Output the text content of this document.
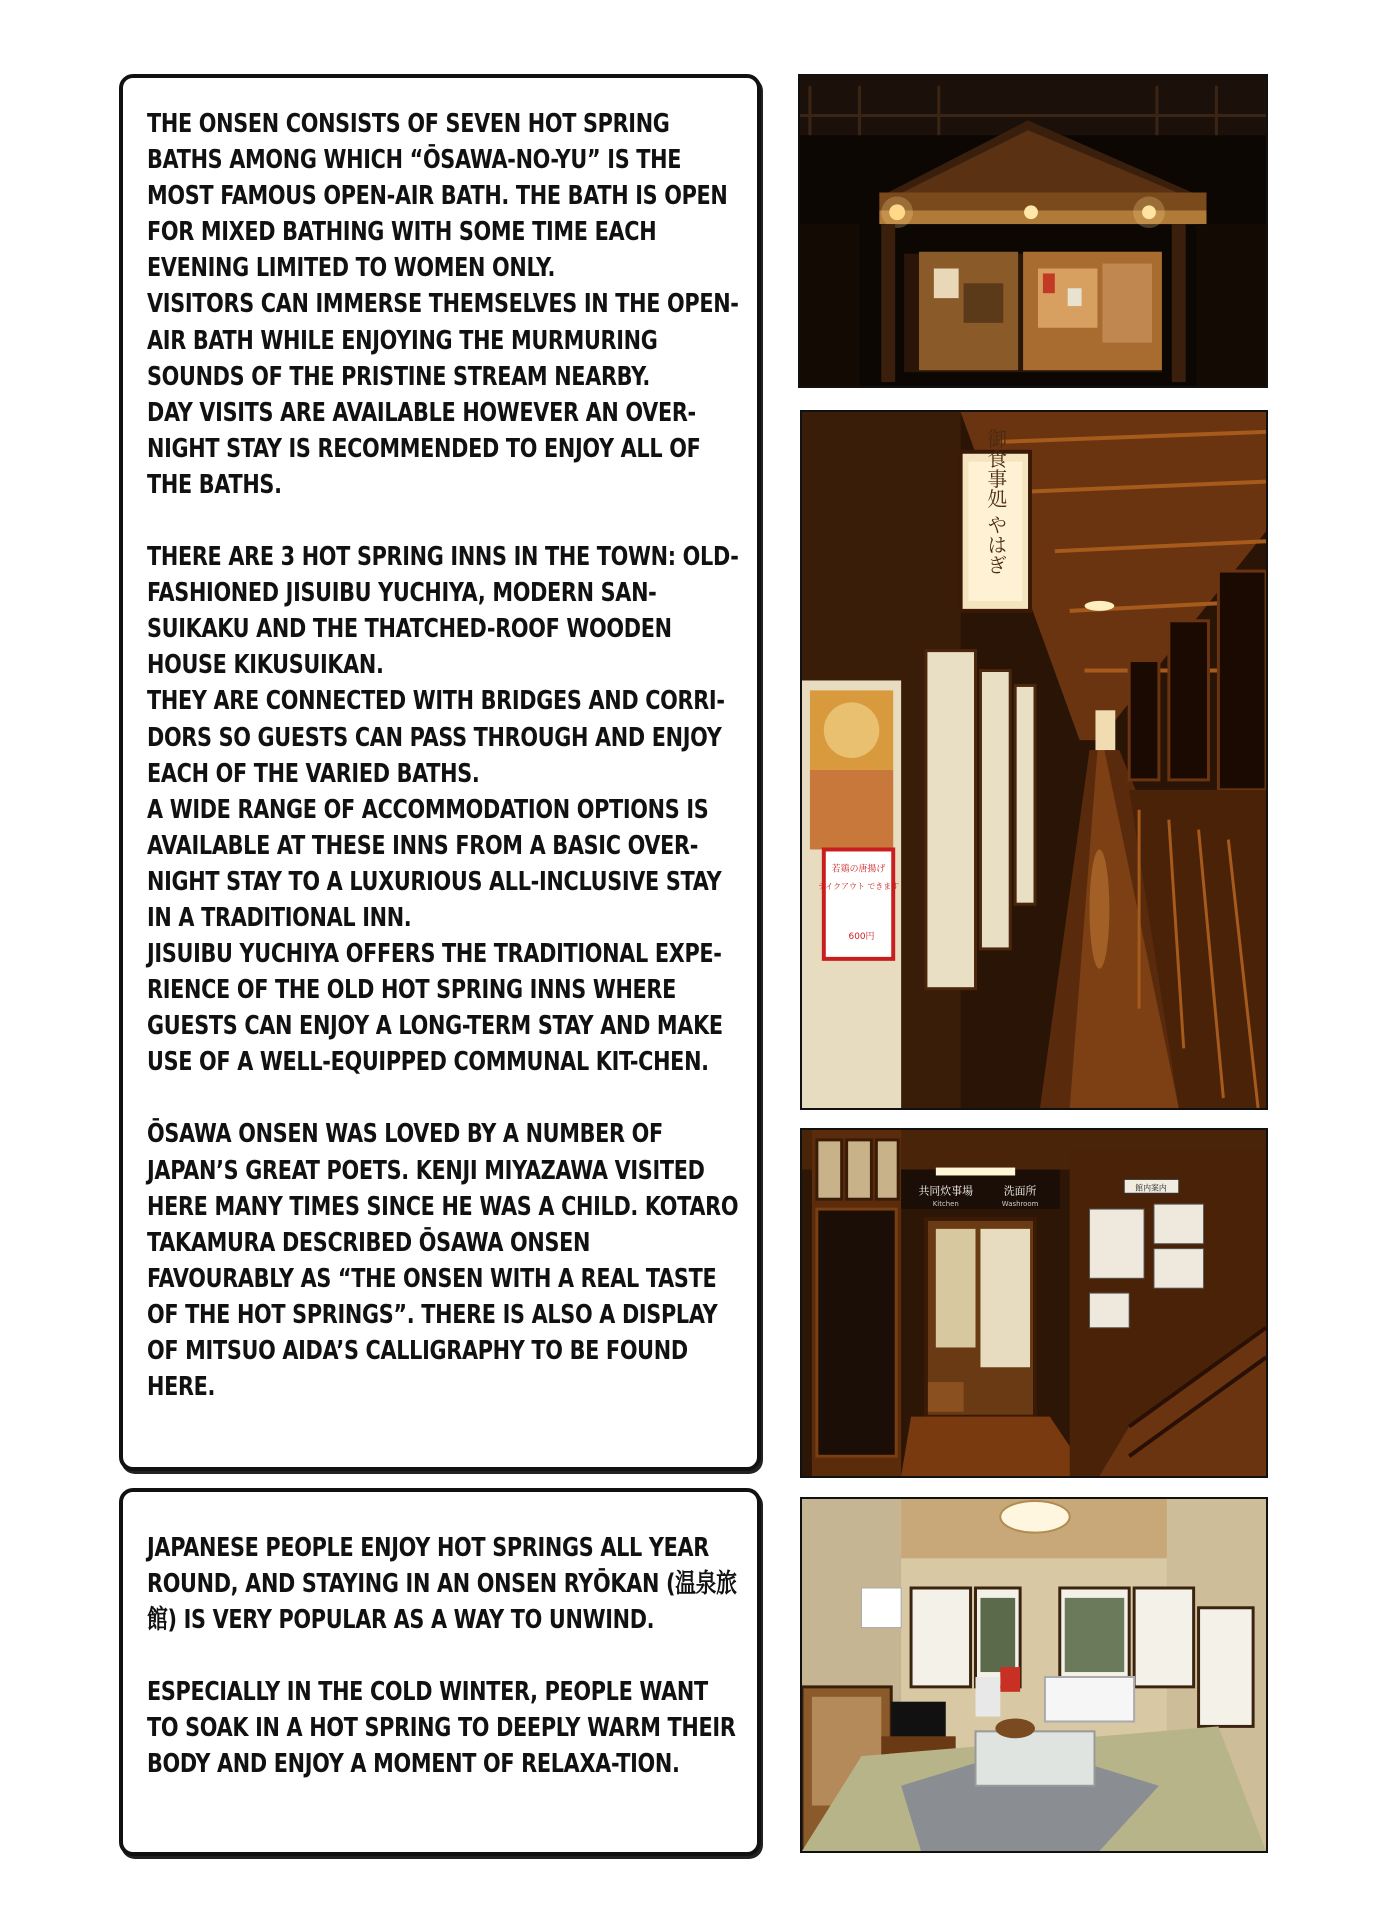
THE ONSEN CONSISTS OF SEVEN HOT SPRING BATHS AMONG WHICH “ŌSAWA-NO-YU” IS THE MOST FAMOUS OPEN-AIR BATH. THE BATH IS OPEN FOR MIXED BATHING WITH SOME TIME EACH EVENING LIMITED TO WOMEN ONLY.
VISITORS CAN IMMERSE THEMSELVES IN THE OPEN-AIR BATH WHILE ENJOYING THE MURMURING SOUNDS OF THE PRISTINE STREAM NEARBY.
DAY VISITS ARE AVAILABLE HOWEVER AN OVER-NIGHT STAY IS RECOMMENDED TO ENJOY ALL OF THE BATHS.
THERE ARE 3 HOT SPRING INNS IN THE TOWN: OLD-FASHIONED JISUIBU YUCHIYA, MODERN SAN-SUIKAKU AND THE THATCHED-ROOF WOODEN HOUSE KIKUSUIKAN.
THEY ARE CONNECTED WITH BRIDGES AND CORRI-DORS SO GUESTS CAN PASS THROUGH AND ENJOY EACH OF THE VARIED BATHS.
A WIDE RANGE OF ACCOMMODATION OPTIONS IS AVAILABLE AT THESE INNS FROM A BASIC OVER-NIGHT STAY TO A LUXURIOUS ALL-INCLUSIVE STAY IN A TRADITIONAL INN.
JISUIBU YUCHIYA OFFERS THE TRADITIONAL EXPE-RIENCE OF THE OLD HOT SPRING INNS WHERE GUESTS CAN ENJOY A LONG-TERM STAY AND MAKE USE OF A WELL-EQUIPPED COMMUNAL KIT-CHEN.
ŌSAWA ONSEN WAS LOVED BY A NUMBER OF JAPAN’S GREAT POETS. KENJI MIYAZAWA VISITED HERE MANY TIMES SINCE HE WAS A CHILD. KOTARO TAKAMURA DESCRIBED ŌSAWA ONSEN FAVOURABLY AS “THE ONSEN WITH A REAL TASTE OF THE HOT SPRINGS”. THERE IS ALSO A DISPLAY OF MITSUO AIDA’S CALLIGRAPHY TO BE FOUND HERE.
JAPANESE PEOPLE ENJOY HOT SPRINGS ALL YEAR ROUND, AND STAYING IN AN ONSEN RYŌKAN (温泉旅館) IS VERY POPULAR AS A WAY TO UNWIND.
ESPECIALLY IN THE COLD WINTER, PEOPLE WANT TO SOAK IN A HOT SPRING TO DEEPLY WARM THEIR BODY AND ENJOY A MOMENT OF RELAXA-TION.
若鶏の唐揚げ
テイクアウト できます
600円
御食事処 やはぎ
共同炊事場	洗面所
Kitchen	Washroom
館内案内
